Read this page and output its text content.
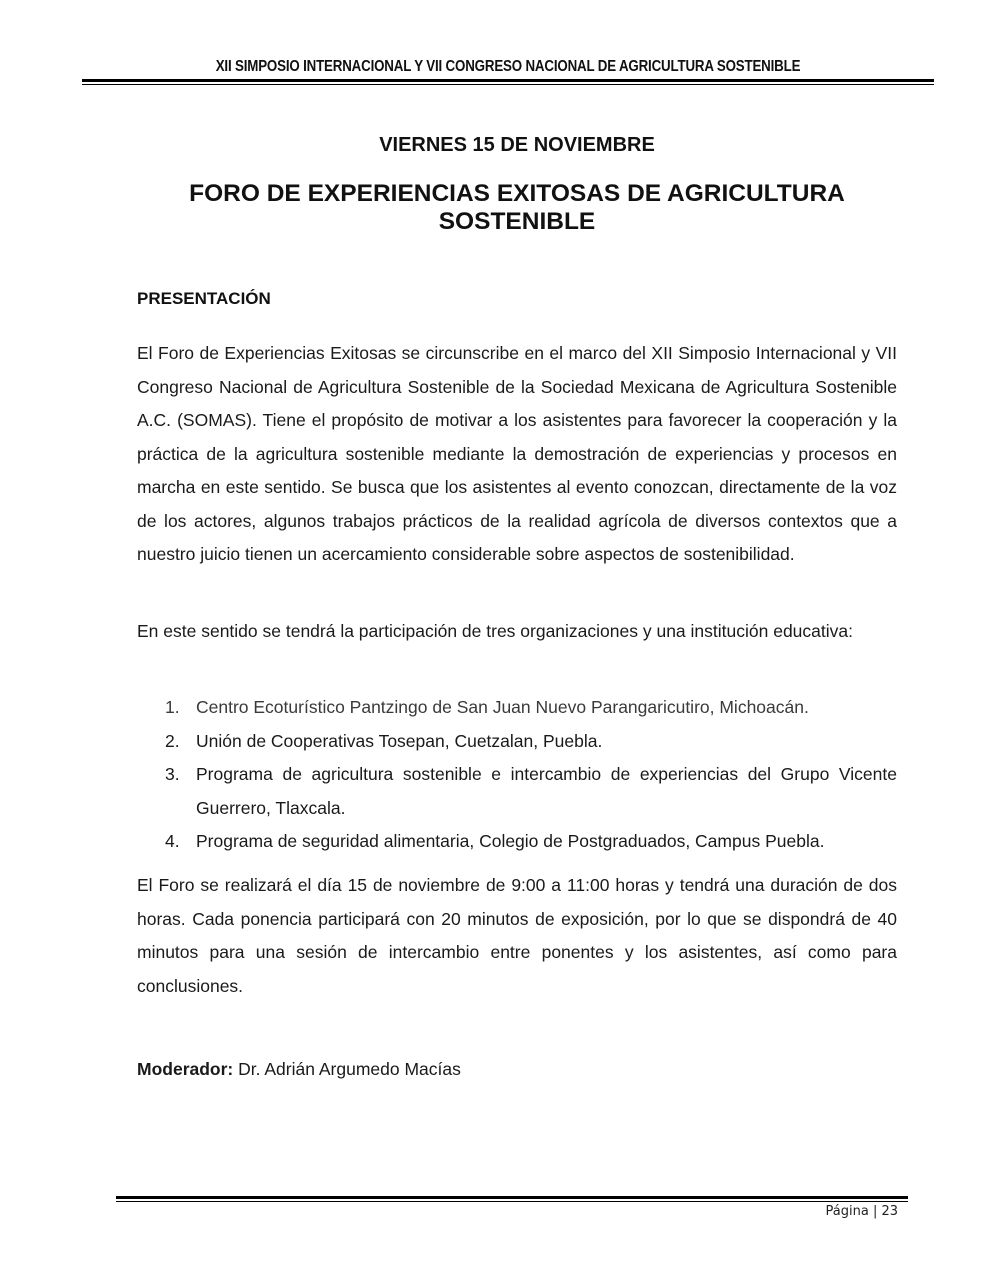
XII SIMPOSIO INTERNACIONAL Y VII CONGRESO NACIONAL DE AGRICULTURA SOSTENIBLE
VIERNES 15 DE NOVIEMBRE
FORO DE EXPERIENCIAS EXITOSAS DE AGRICULTURA SOSTENIBLE
PRESENTACIÓN

El Foro de Experiencias Exitosas se circunscribe en el marco del XII Simposio Internacional y VII Congreso Nacional de Agricultura Sostenible de la Sociedad Mexicana de Agricultura Sostenible A.C. (SOMAS). Tiene el propósito de motivar a los asistentes para favorecer la cooperación y la práctica de la agricultura sostenible mediante la demostración de experiencias y procesos en marcha en este sentido. Se busca que los asistentes al evento conozcan, directamente de la voz de los actores, algunos trabajos prácticos de la realidad agrícola de diversos contextos que a nuestro juicio tienen un acercamiento considerable sobre aspectos de sostenibilidad.

En este sentido se tendrá la participación de tres organizaciones y una institución educativa:

1. Centro Ecoturístico Pantzingo de San Juan Nuevo Parangaricutiro, Michoacán.
2. Unión de Cooperativas Tosepan, Cuetzalan, Puebla.
3. Programa de agricultura sostenible e intercambio de experiencias del Grupo Vicente Guerrero, Tlaxcala.
4. Programa de seguridad alimentaria, Colegio de Postgraduados, Campus Puebla.

El Foro se realizará el día 15 de noviembre de 9:00 a 11:00 horas y tendrá una duración de dos horas. Cada ponencia participará con 20 minutos de exposición, por lo que se dispondrá de 40 minutos para una sesión de intercambio entre ponentes y los asistentes, así como para conclusiones.

Moderador: Dr. Adrián Argumedo Macías
Página | 23
